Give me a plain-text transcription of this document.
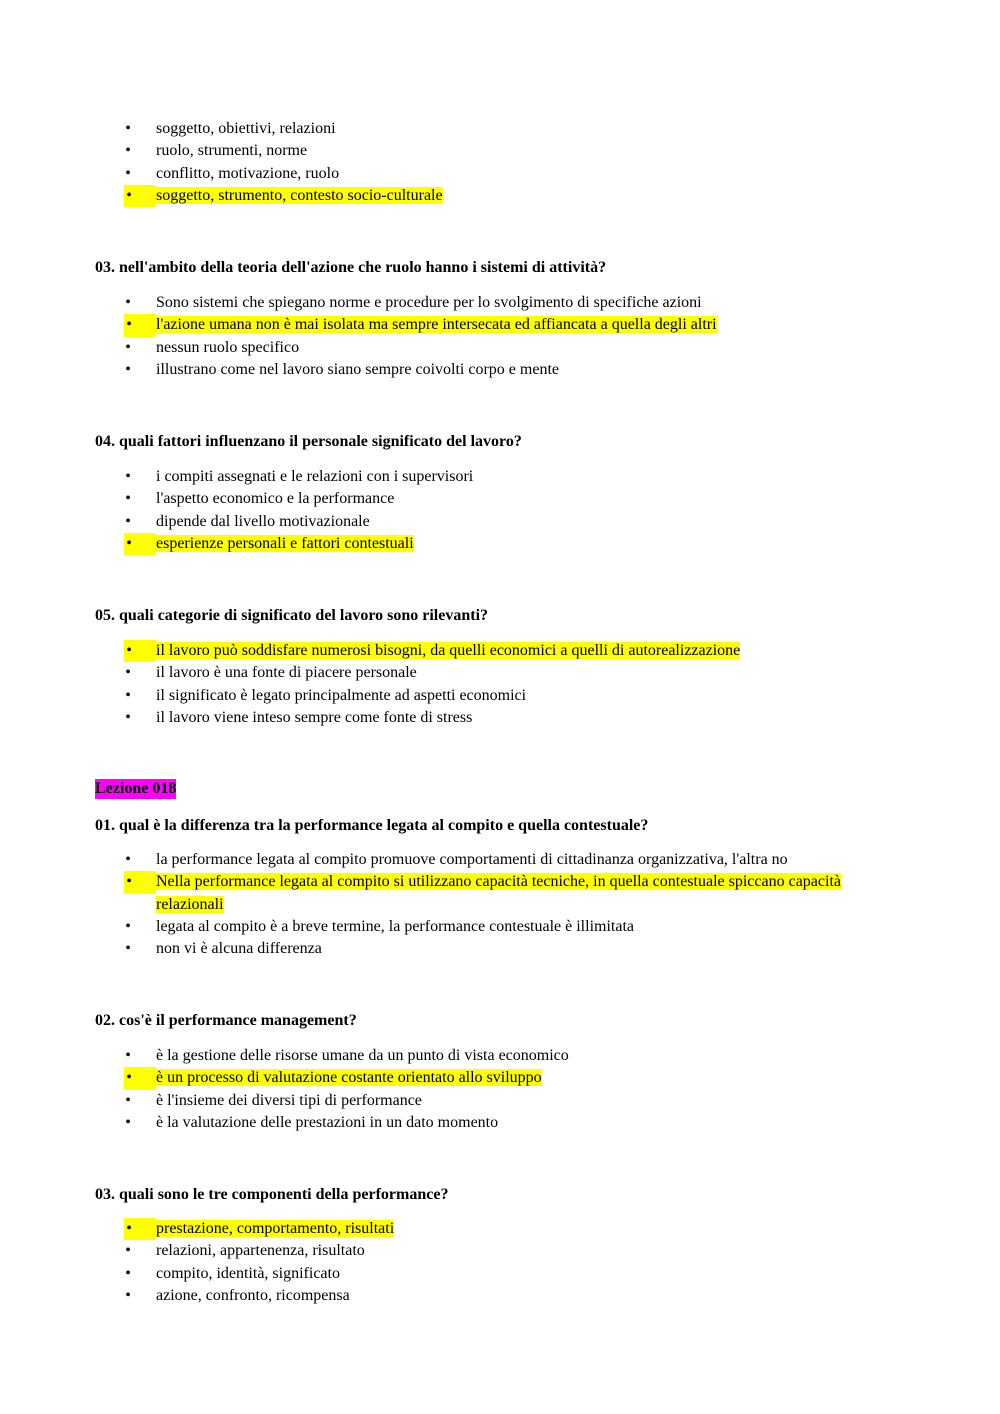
• soggetto, obiettivi, relazioni
• ruolo, strumenti, norme
• conflitto, motivazione, ruolo
•	soggetto, strumento, contesto socio-culturale

03. nell'ambito della teoria dell'azione che ruolo hanno i sistemi di attività?

• Sono sistemi che spiegano norme e procedure per lo svolgimento di specifiche azioni
•	l'azione umana non è mai isolata ma sempre intersecata ed affiancata a quella degli altri
• nessun ruolo specifico
• illustrano come nel lavoro siano sempre coivolti corpo e mente

04. quali fattori influenzano il personale significato del lavoro?

• i compiti assegnati e le relazioni con i supervisori
• l'aspetto economico e la performance
• dipende dal livello motivazionale
•	esperienze personali e fattori contestuali

05. quali categorie di significato del lavoro sono rilevanti?

•	il lavoro può soddisfare numerosi bisogni, da quelli economici a quelli di autorealizzazione
• il lavoro è una fonte di piacere personale
• il significato è legato principalmente ad aspetti economici
• il lavoro viene inteso sempre come fonte di stress

Lezione 018

01. qual è la differenza tra la performance legata al compito e quella contestuale?

• la performance legata al compito promuove comportamenti di cittadinanza organizzativa, l'altra no
•	Nella performance legata al compito si utilizzano capacità tecniche, in quella contestuale spiccano capacità
relazionali
• legata al compito è a breve termine, la performance contestuale è illimitata
• non vi è alcuna differenza

02. cos'è il performance management?

• è la gestione delle risorse umane da un punto di vista economico
•	è un processo di valutazione costante orientato allo sviluppo
• è l'insieme dei diversi tipi di performance
• è la valutazione delle prestazioni in un dato momento

03. quali sono le tre componenti della performance?

•	prestazione, comportamento, risultati
• relazioni, appartenenza, risultato
• compito, identità, significato
• azione, confronto, ricompensa
